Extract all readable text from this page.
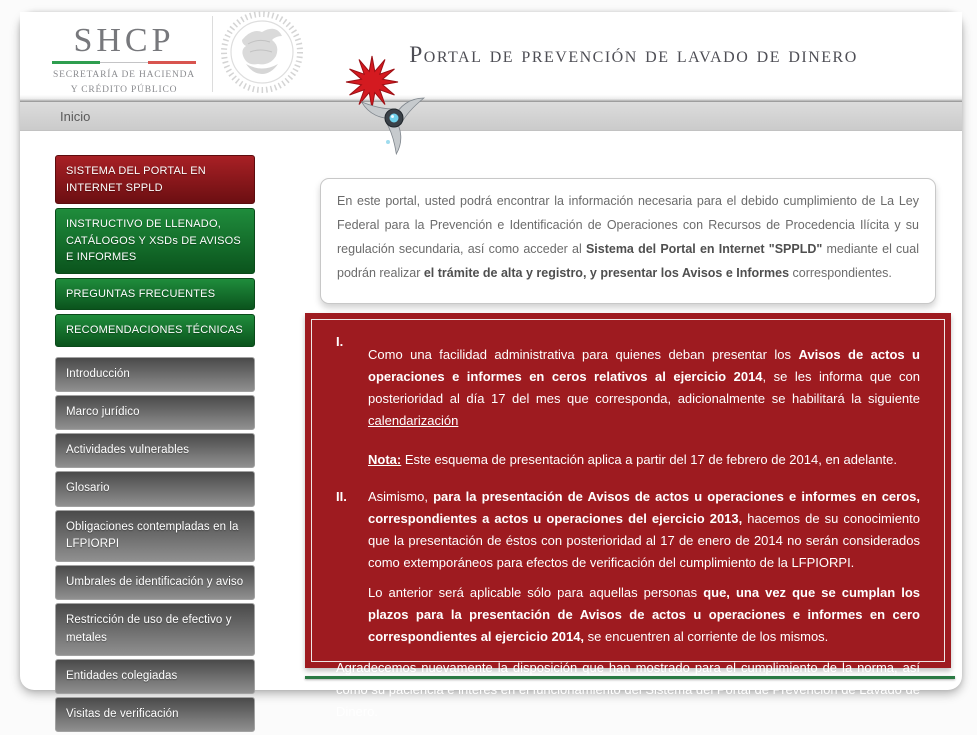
SHCP
SECRETARÍA DE HACIENDA
Y CRÉDITO PÚBLICO
Portal de prevención de lavado de dinero
Inicio
SISTEMA DEL PORTAL EN INTERNET SPPLD
INSTRUCTIVO DE LLENADO, CATÁLOGOS Y XSDs DE AVISOS E INFORMES
PREGUNTAS FRECUENTES
RECOMENDACIONES TÉCNICAS
Introducción
Marco jurídico
Actividades vulnerables
Glosario
Obligaciones contempladas en la LFPIORPI
Umbrales de identificación y aviso
Restricción de uso de efectivo y metales
Entidades colegiadas
Visitas de verificación

En este portal, usted podrá encontrar la información necesaria para el debido cumplimiento de La Ley Federal para la Prevención e Identificación de Operaciones con Recursos de Procedencia Ilícita y su regulación secundaria, así como acceder al Sistema del Portal en Internet "SPPLD" mediante el cual podrán realizar el trámite de alta y registro, y presentar los Avisos e Informes correspondientes.

I.

Como una facilidad administrativa para quienes deban presentar los Avisos de actos u operaciones e informes en ceros relativos al ejercicio 2014, se les informa que con posterioridad al día 17 del mes que corresponda, adicionalmente se habilitará la siguiente calendarización

Nota: Este esquema de presentación aplica a partir del 17 de febrero de 2014, en adelante.

II.	Asimismo, para la presentación de Avisos de actos u operaciones e informes en ceros, correspondientes a actos u operaciones del ejercicio 2013, hacemos de su conocimiento que la presentación de éstos con posterioridad al 17 de enero de 2014 no serán considerados como extemporáneos para efectos de verificación del cumplimiento de la LFPIORPI.

Lo anterior será aplicable sólo para aquellas personas que, una vez que se cumplan los plazos para la presentación de Avisos de actos u operaciones e informes en cero correspondientes al ejercicio 2014, se encuentren al corriente de los mismos.

Agradecemos nuevamente la disposición que han mostrado para el cumplimiento de la norma, así como su paciencia e interés en el funcionamiento del Sistema del Portal de Prevención de Lavado de Dinero.
